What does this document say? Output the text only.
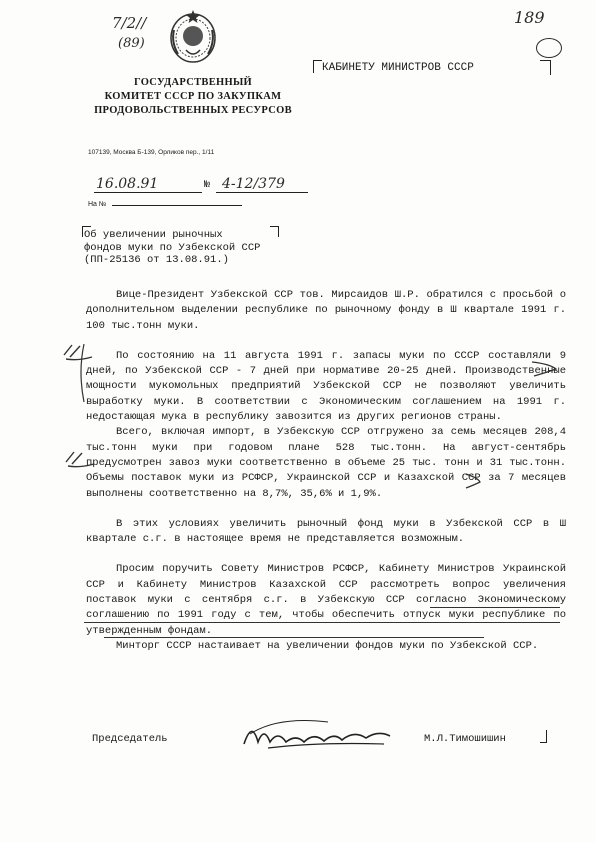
7/2//
(89)
189
ГОСУДАРСТВЕННЫЙ
КОМИТЕТ СССР ПО ЗАКУПКАМ
ПРОДОВОЛЬСТВЕННЫХ РЕСУРСОВ
107139, Москва Б-139, Орликов пер., 1/11
КАБИНЕТУ МИНИСТРОВ СССР
16.08.91	№ 4-12/379
На №
Об увеличении рыночных
фондов муки по Узбекской ССР
(ПП-25136 от 13.08.91.)

Вице-Президент Узбекской ССР тов. Мирсаидов Ш.Р. обратился с просьбой о дополнительном выделении республике по рыночному фонду в Ш квартале 1991 г. 100 тыс.тонн муки.

По состоянию на 11 августа 1991 г. запасы муки по СССР составляли 9 дней, по Узбекской ССР - 7 дней при нормативе 20-25 дней. Производственные мощности мукомольных предприятий Узбекской ССР не позволяют увеличить выработку муки. В соответствии с Экономическим соглашением на 1991 г. недостающая мука в республику завозится из других регионов страны.

Всего, включая импорт, в Узбекскую ССР отгружено за семь месяцев 208,4 тыс.тонн муки при годовом плане 528 тыс.тонн. На август-сентябрь предусмотрен завоз муки соответственно в объеме 25 тыс. тонн и 31 тыс.тонн. Объемы поставок муки из РСФСР, Украинской ССР и Казахской ССР за 7 месяцев выполнены соответственно на 8,7%, 35,6% и 1,9%.

В этих условиях увеличить рыночный фонд муки в Узбекской ССР в Ш квартале с.г. в настоящее время не представляется возможным.

Просим поручить Совету Министров РСФСР, Кабинету Министров Украинской ССР и Кабинету Министров Казахской ССР рассмотреть вопрос увеличения поставок муки с сентября с.г. в Узбекскую ССР согласно Экономическому соглашению по 1991 году с тем, чтобы обеспечить отпуск муки республике по утвержденным фондам.

Минторг СССР настаивает на увеличении фондов муки по Узбекской ССР.

Председатель	М.Л.Тимошишин
